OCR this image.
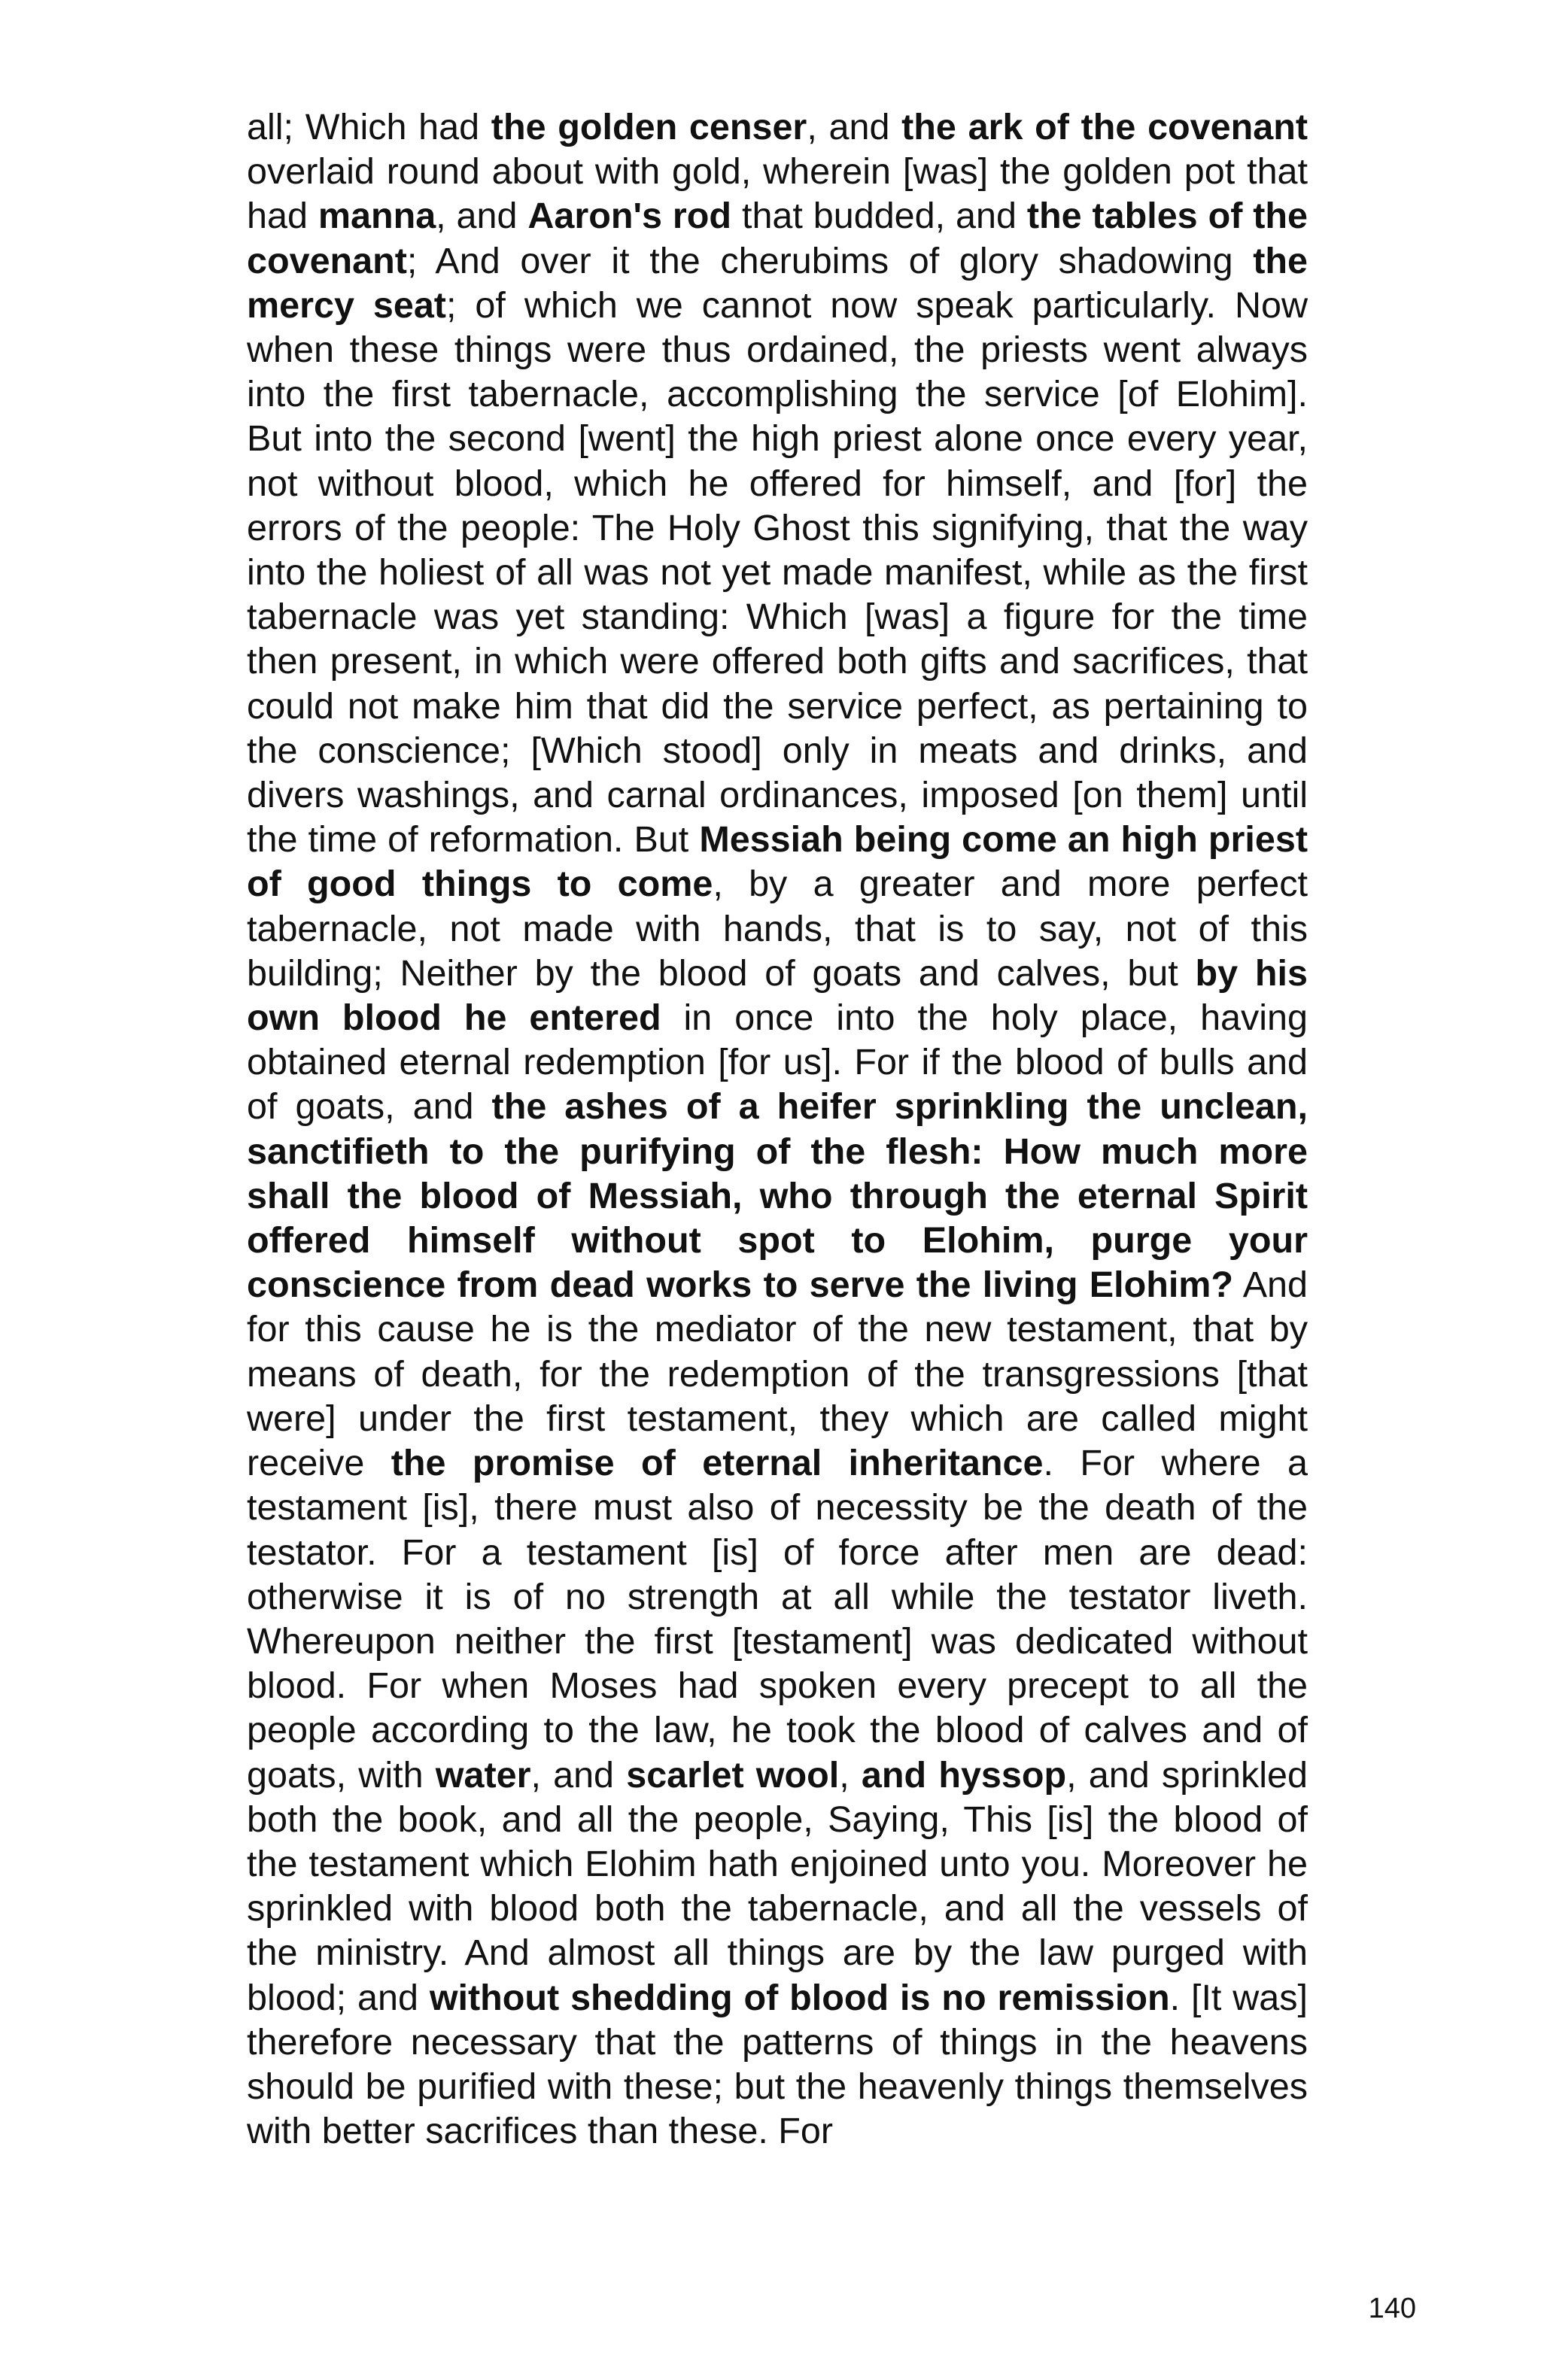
all; Which had the golden censer, and the ark of the covenant overlaid round about with gold, wherein [was] the golden pot that had manna, and Aaron's rod that budded, and the tables of the covenant; And over it the cherubims of glory shadowing the mercy seat; of which we cannot now speak particularly. Now when these things were thus ordained, the priests went always into the first tabernacle, accomplishing the service [of Elohim]. But into the second [went] the high priest alone once every year, not without blood, which he offered for himself, and [for] the errors of the people: The Holy Ghost this signifying, that the way into the holiest of all was not yet made manifest, while as the first tabernacle was yet standing: Which [was] a figure for the time then present, in which were offered both gifts and sacrifices, that could not make him that did the service perfect, as pertaining to the conscience; [Which stood] only in meats and drinks, and divers washings, and carnal ordinances, imposed [on them] until the time of reformation. But Messiah being come an high priest of good things to come, by a greater and more perfect tabernacle, not made with hands, that is to say, not of this building; Neither by the blood of goats and calves, but by his own blood he entered in once into the holy place, having obtained eternal redemption [for us]. For if the blood of bulls and of goats, and the ashes of a heifer sprinkling the unclean, sanctifieth to the purifying of the flesh: How much more shall the blood of Messiah, who through the eternal Spirit offered himself without spot to Elohim, purge your conscience from dead works to serve the living Elohim? And for this cause he is the mediator of the new testament, that by means of death, for the redemption of the transgressions [that were] under the first testament, they which are called might receive the promise of eternal inheritance. For where a testament [is], there must also of necessity be the death of the testator. For a testament [is] of force after men are dead: otherwise it is of no strength at all while the testator liveth. Whereupon neither the first [testament] was dedicated without blood. For when Moses had spoken every precept to all the people according to the law, he took the blood of calves and of goats, with water, and scarlet wool, and hyssop, and sprinkled both the book, and all the people, Saying, This [is] the blood of the testament which Elohim hath enjoined unto you. Moreover he sprinkled with blood both the tabernacle, and all the vessels of the ministry. And almost all things are by the law purged with blood; and without shedding of blood is no remission. [It was] therefore necessary that the patterns of things in the heavens should be purified with these; but the heavenly things themselves with better sacrifices than these. For

140
